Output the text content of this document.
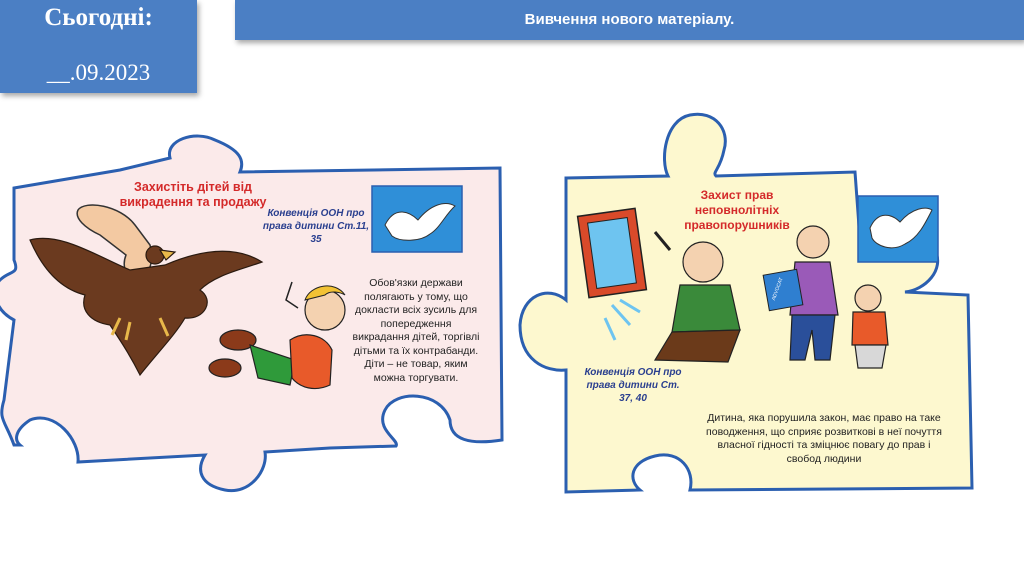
Сьогодні:
__.09.2023
Вивчення нового матеріалу.
ADVOCAT
Захистіть дітей від викрадення та продажу
Конвенція ООН про права дитини Ст.11, 35
Обов'язки держави полягають у тому, що докласти всіх зусиль для попередження викрадання дітей, торгівлі дітьми та їх контрабанди. Діти – не товар, яким можна торгувати.
Захист прав неповнолітніх правопорушників
Конвенція ООН про права дитини Ст. 37, 40
Дитина, яка порушила закон, має право на таке поводження, що сприяє розвиткові в неї почуття власної гідності та зміцнює повагу до прав і свобод людини
